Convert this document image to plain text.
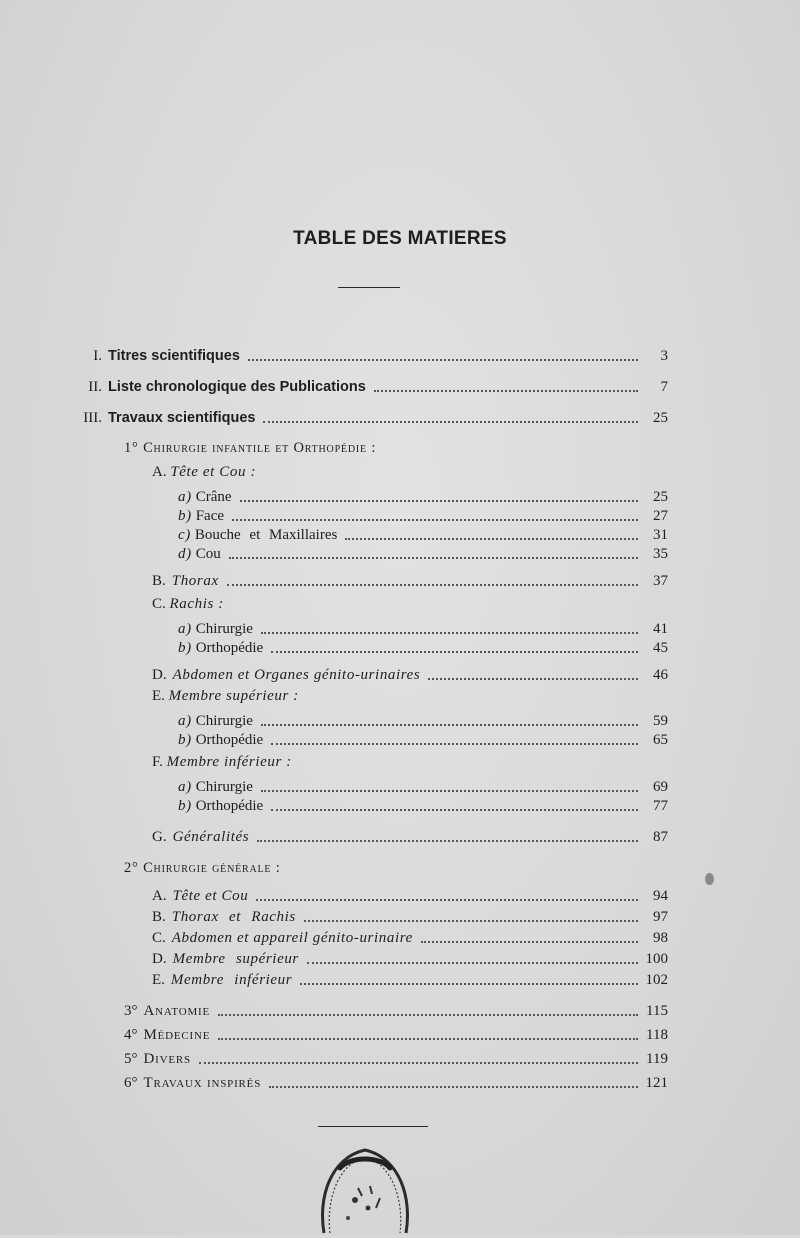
TABLE DES MATIERES
I. Titres scientifiques	3
II. Liste chronologique des Publications	7
III. Travaux scientifiques	25
1° Chirurgie infantile et Orthopédie :
A. Tête et Cou :
a) Crâne	25
b) Face	27
c) Bouche et Maxillaires	31
d) Cou	35
B. Thorax	37
C. Rachis :
a) Chirurgie	41
b) Orthopédie	45
D. Abdomen et Organes génito-urinaires	46
E. Membre supérieur :
a) Chirurgie	59
b) Orthopédie	65
F. Membre inférieur :
a) Chirurgie	69
b) Orthopédie	77
G. Généralités	87
2° Chirurgie générale :
A. Tête et Cou	94
B. Thorax et Rachis	97
C. Abdomen et appareil génito-urinaire	98
D. Membre supérieur	100
E. Membre inférieur	102
3° Anatomie	115
4° Médecine	118
5° Divers	119
6° Travaux inspirés	121
